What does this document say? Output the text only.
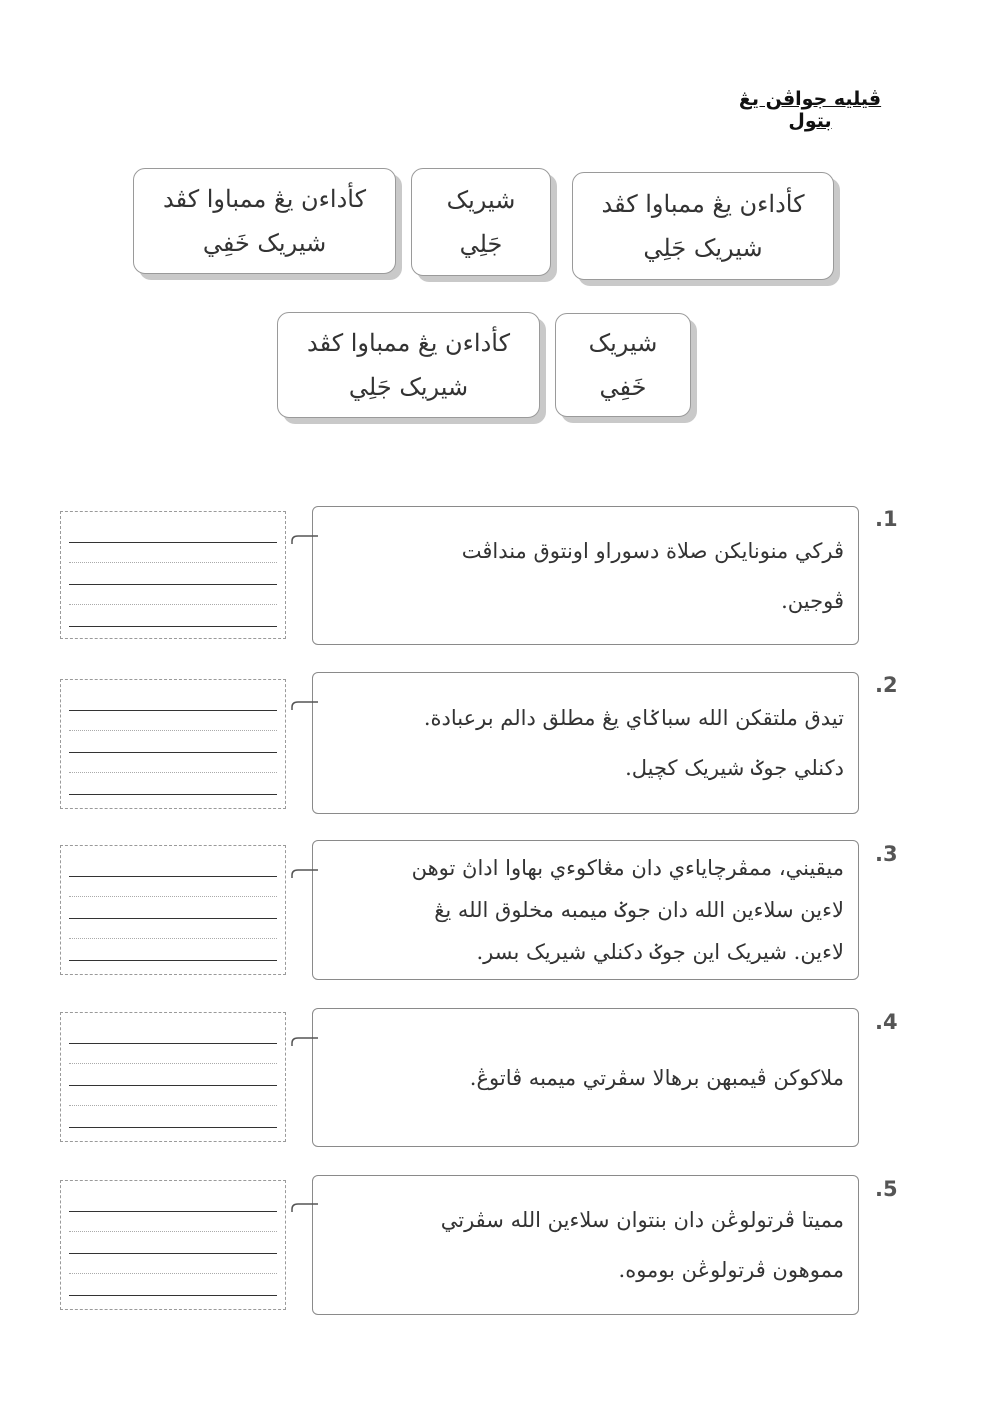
ڤيليه جواڤن يڠ بتول
كأداءن يڠ ممباوا كڤد
شيريک جَلِي
شيريک
جَلِي
كأداءن يڠ ممباوا كڤد
شيريک خَفِي
شيريک
خَفِي
كأداءن يڠ ممباوا كڤد
شيريک جَلِي
.1
ڤركي منونايكن صلاة دسوراو اونتوق منداڤت
ڤوجين.
.2
تيدق ملتقكن الله سباݢاي يڠ مطلق دالم برعبادة.
دكنلي جوݢ شيريک كچيل.
.3
ميقيني، ممڤرچاياءي دان مڠاكوءي بهاوا اداڽ توهن
لاءين سلاءين الله دان جوݢ ميمبه مخلوق الله يڠ
لاءين. شيريک اين جوݢ دكنلي شيريک بسر.
.4
ملاكوكن ڤيمبهن برهالا سڤرتي ميمبه ڤاتوڠ.
.5
مميتا ڤرتولوڠن دان بنتوان سلاءين الله سڤرتي
مموهون ڤرتولوڠن بوموه.
